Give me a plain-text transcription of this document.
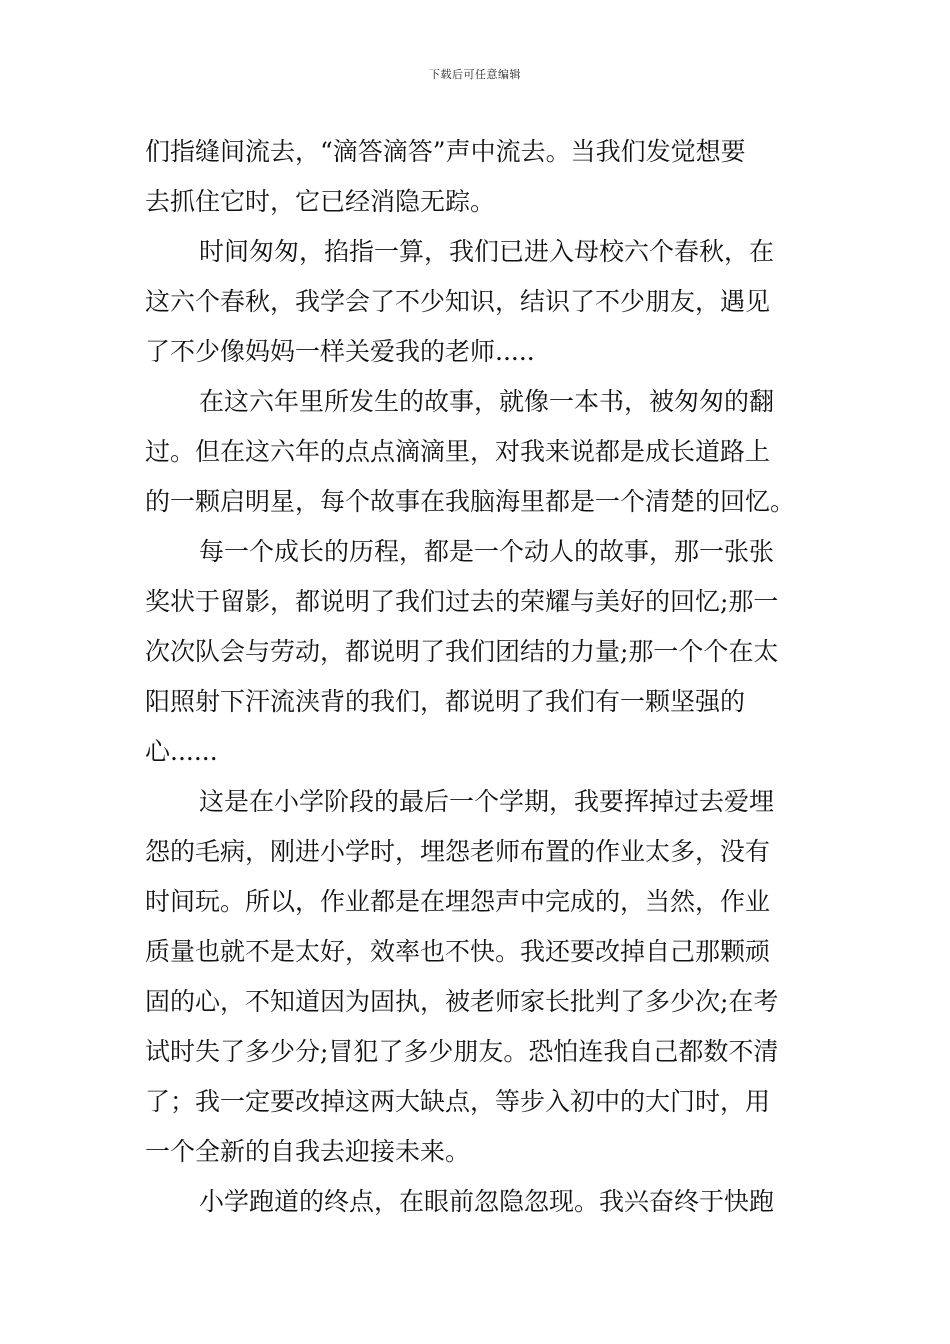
下载后可任意编辑
们指缝间流去，“滴答滴答”声中流去。当我们发觉想要
去抓住它时，它已经消隐无踪。
时间匆匆，掐指一算，我们已进入母校六个春秋，在
这六个春秋，我学会了不少知识，结识了不少朋友，遇见
了不少像妈妈一样关爱我的老师.....
在这六年里所发生的故事，就像一本书，被匆匆的翻
过。但在这六年的点点滴滴里，对我来说都是成长道路上
的一颗启明星，每个故事在我脑海里都是一个清楚的回忆。
每一个成长的历程，都是一个动人的故事，那一张张
奖状于留影，都说明了我们过去的荣耀与美好的回忆;那一
次次队会与劳动，都说明了我们团结的力量;那一个个在太
阳照射下汗流浃背的我们，都说明了我们有一颗坚强的
心......
这是在小学阶段的最后一个学期，我要挥掉过去爱埋
怨的毛病，刚进小学时，埋怨老师布置的作业太多，没有
时间玩。所以，作业都是在埋怨声中完成的，当然，作业
质量也就不是太好，效率也不快。我还要改掉自己那颗顽
固的心，不知道因为固执，被老师家长批判了多少次;在考
试时失了多少分;冒犯了多少朋友。恐怕连我自己都数不清
了；我一定要改掉这两大缺点，等步入初中的大门时，用
一个全新的自我去迎接未来。
小学跑道的终点，在眼前忽隐忽现。我兴奋终于快跑
